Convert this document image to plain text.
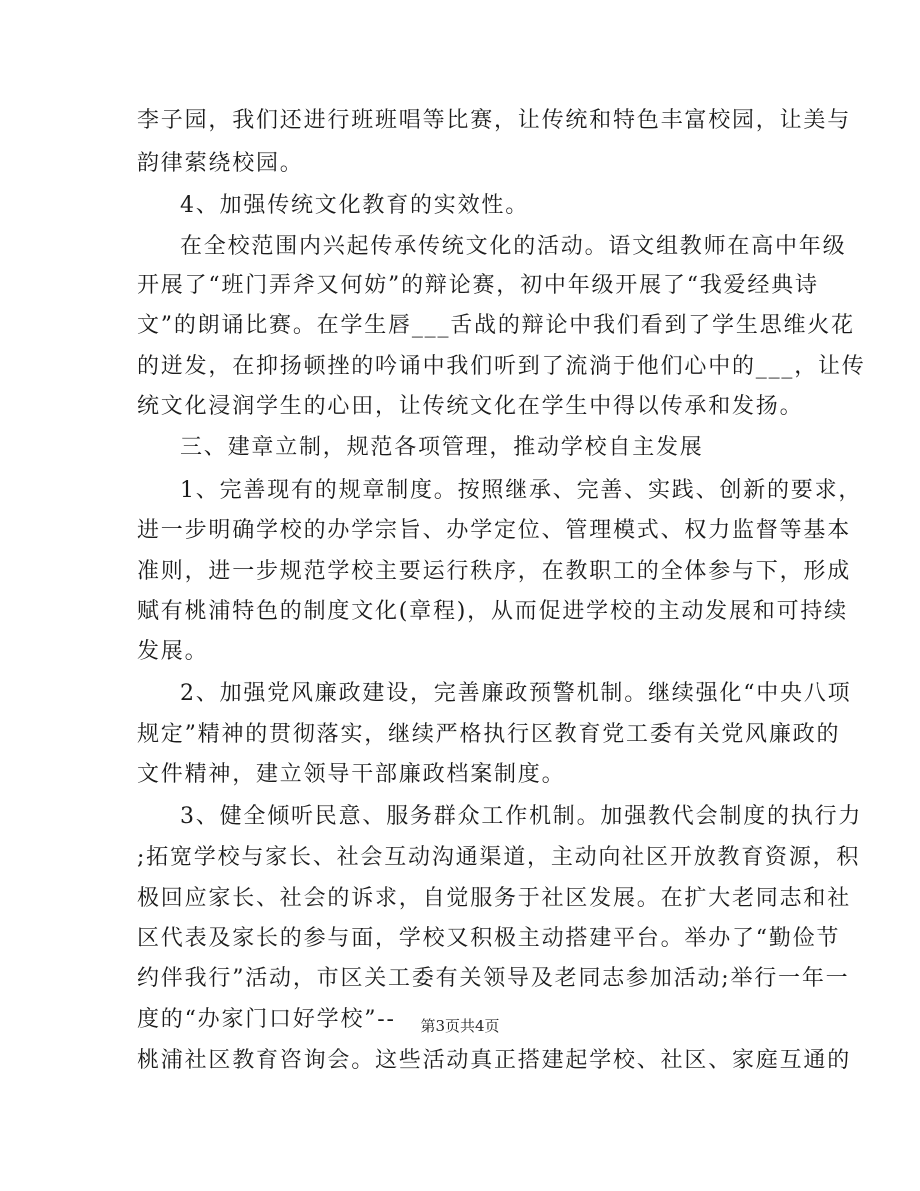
李子园，我们还进行班班唱等比赛，让传统和特色丰富校园，让美与
韵律萦绕校园。
4、加强传统文化教育的实效性。
在全校范围内兴起传承传统文化的活动。语文组教师在高中年级
开展了“班门弄斧又何妨”的辩论赛，初中年级开展了“我爱经典诗
文”的朗诵比赛。在学生唇___舌战的辩论中我们看到了学生思维火花
的迸发，在抑扬顿挫的吟诵中我们听到了流淌于他们心中的___，让传
统文化浸润学生的心田，让传统文化在学生中得以传承和发扬。
三、建章立制，规范各项管理，推动学校自主发展
1、完善现有的规章制度。按照继承、完善、实践、创新的要求，
进一步明确学校的办学宗旨、办学定位、管理模式、权力监督等基本
准则，进一步规范学校主要运行秩序，在教职工的全体参与下，形成
赋有桃浦特色的制度文化(章程)，从而促进学校的主动发展和可持续
发展。
2、加强党风廉政建设，完善廉政预警机制。继续强化“中央八项
规定”精神的贯彻落实，继续严格执行区教育党工委有关党风廉政的
文件精神，建立领导干部廉政档案制度。
3、健全倾听民意、服务群众工作机制。加强教代会制度的执行力
;拓宽学校与家长、社会互动沟通渠道，主动向社区开放教育资源，积
极回应家长、社会的诉求，自觉服务于社区发展。在扩大老同志和社
区代表及家长的参与面，学校又积极主动搭建平台。举办了“勤俭节
约伴我行”活动，市区关工委有关领导及老同志参加活动;举行一年一
度的“办家门口好学校”--
桃浦社区教育咨询会。这些活动真正搭建起学校、社区、家庭互通的
第3页共4页
